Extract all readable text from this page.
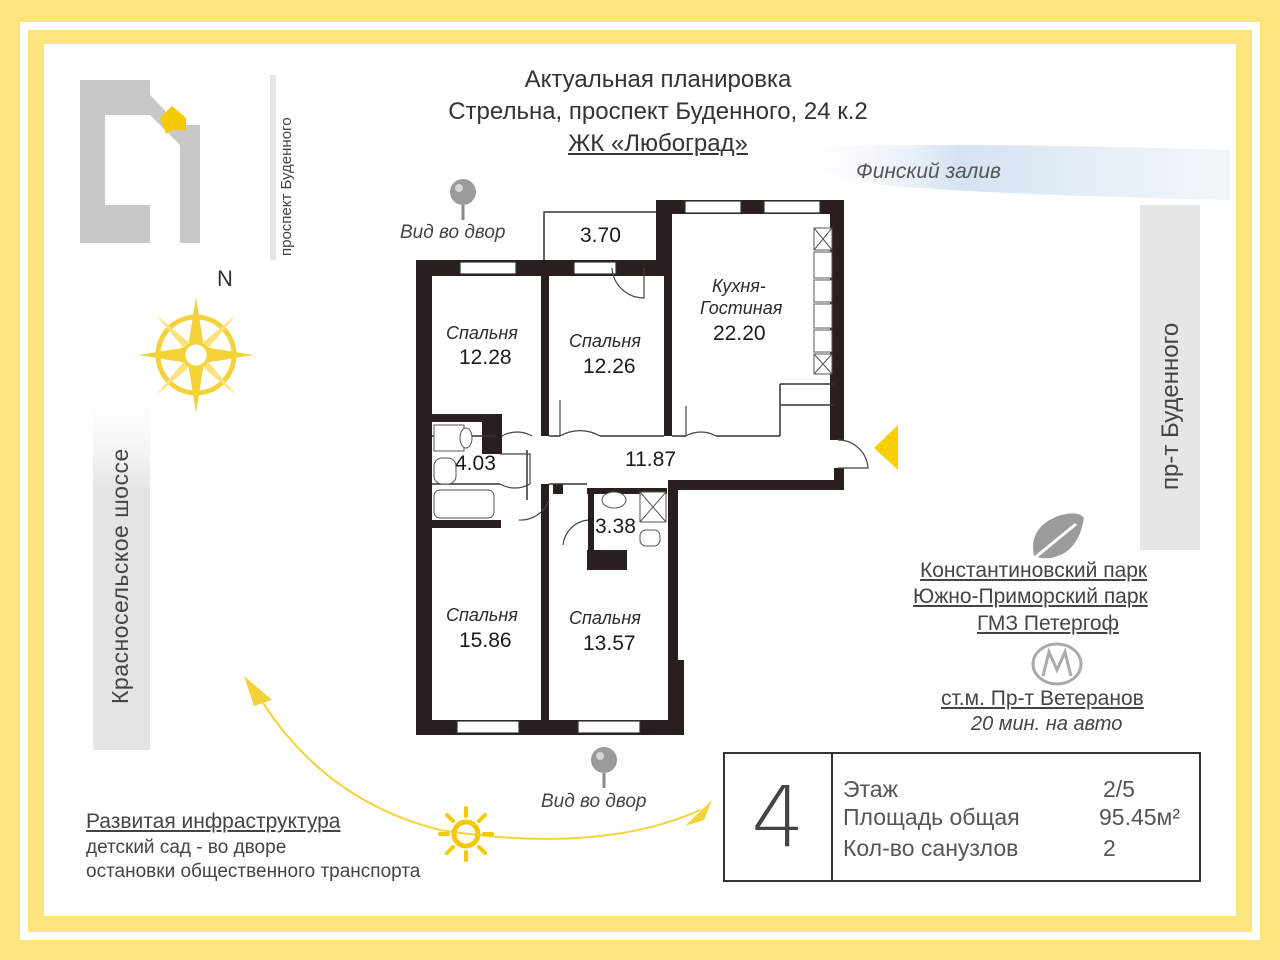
Актуальная планировка
Стрельна, проспект Буденного, 24 к.2
ЖК «Любоград»
Финский залив
проспект Буденного
Красносельское шоссе
пр-т Буденного
N
Вид во двор
Вид во двор
3.70
Спальня
12.28
Спальня
12.26
Кухня-
Гостиная
22.20
4.03	11.87
3.38
Спальня
15.86
Спальня
13.57
Константиновский парк
Южно-Приморский парк
ГМЗ Петергоф
ст.м. Пр-т Ветеранов
20 мин. на авто
Развитая инфраструктура
детский сад - во дворе
остановки общественного транспорта
4	Этаж	2/5
Площадь общая	95.45м²
Кол-во санузлов	2
